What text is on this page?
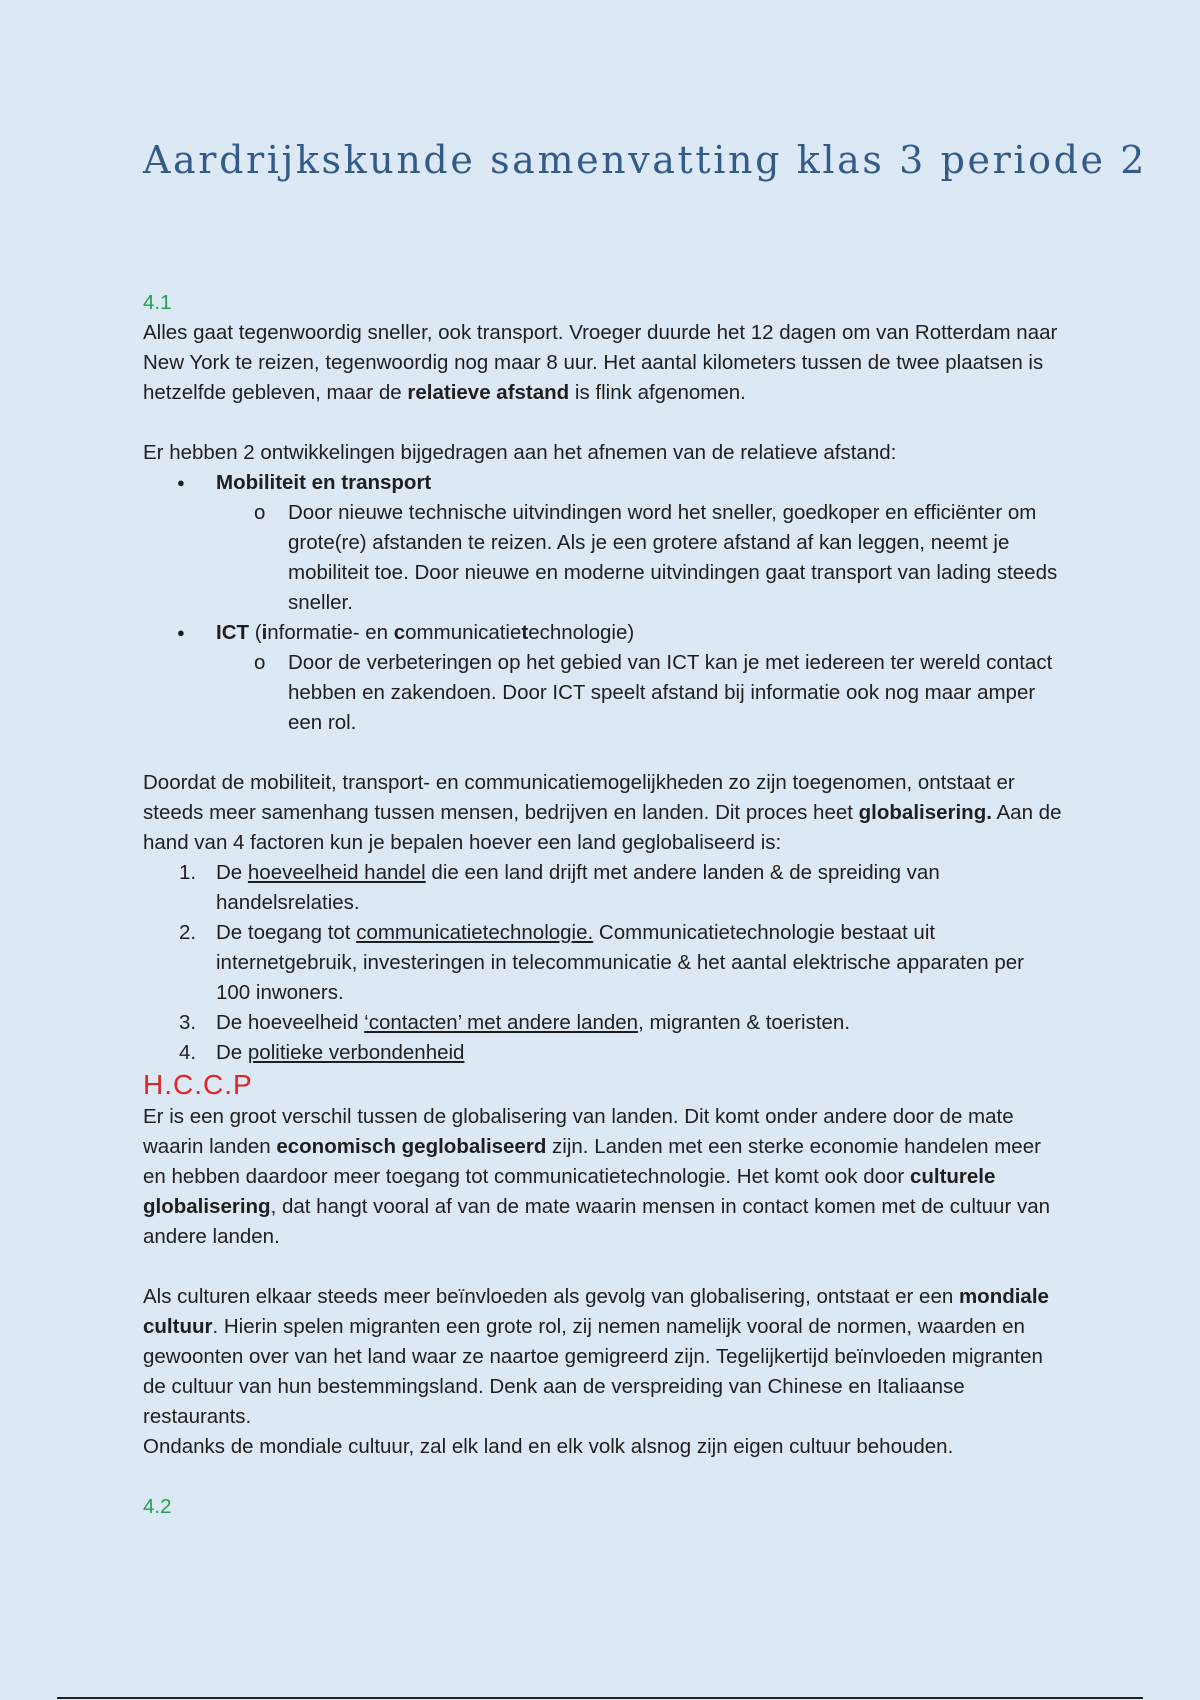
Aardrijkskunde samenvatting klas 3 periode 2
4.1

Alles gaat tegenwoordig sneller, ook transport. Vroeger duurde het 12 dagen om van Rotterdam naar New York te reizen, tegenwoordig nog maar 8 uur. Het aantal kilometers tussen de twee plaatsen is hetzelfde gebleven, maar de relatieve afstand is flink afgenomen.

Er hebben 2 ontwikkelingen bijgedragen aan het afnemen van de relatieve afstand:

● Mobiliteit en transport
o Door nieuwe technische uitvindingen word het sneller, goedkoper en efficiënter om grote(re) afstanden te reizen. Als je een grotere afstand af kan leggen, neemt je mobiliteit toe. Door nieuwe en moderne uitvindingen gaat transport van lading steeds sneller.
● ICT (informatie- en communicatietechnologie)
o Door de verbeteringen op het gebied van ICT kan je met iedereen ter wereld contact hebben en zakendoen. Door ICT speelt afstand bij informatie ook nog maar amper een rol.

Doordat de mobiliteit, transport- en communicatiemogelijkheden zo zijn toegenomen, ontstaat er steeds meer samenhang tussen mensen, bedrijven en landen. Dit proces heet globalisering. Aan de hand van 4 factoren kun je bepalen hoever een land geglobaliseerd is:

1. De hoeveelheid handel die een land drijft met andere landen & de spreiding van handelsrelaties.
2. De toegang tot communicatietechnologie. Communicatietechnologie bestaat uit internetgebruik, investeringen in telecommunicatie & het aantal elektrische apparaten per 100 inwoners.
3. De hoeveelheid ‘contacten’ met andere landen, migranten & toeristen.
4. De politieke verbondenheid
H.C.C.P

Er is een groot verschil tussen de globalisering van landen. Dit komt onder andere door de mate waarin landen economisch geglobaliseerd zijn. Landen met een sterke economie handelen meer en hebben daardoor meer toegang tot communicatietechnologie. Het komt ook door culturele globalisering, dat hangt vooral af van de mate waarin mensen in contact komen met de cultuur van andere landen.

Als culturen elkaar steeds meer beïnvloeden als gevolg van globalisering, ontstaat er een mondiale cultuur. Hierin spelen migranten een grote rol, zij nemen namelijk vooral de normen, waarden en gewoonten over van het land waar ze naartoe gemigreerd zijn. Tegelijkertijd beïnvloeden migranten de cultuur van hun bestemmingsland. Denk aan de verspreiding van Chinese en Italiaanse restaurants.

Ondanks de mondiale cultuur, zal elk land en elk volk alsnog zijn eigen cultuur behouden.

4.2
